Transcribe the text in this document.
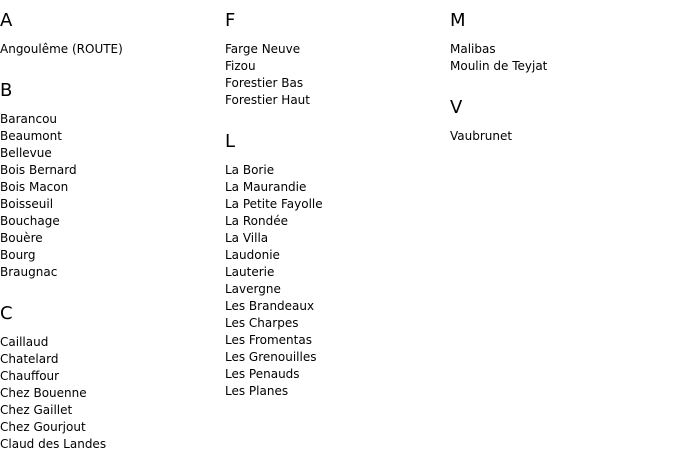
A
Angoulême (ROUTE)
B
Barancou
Beaumont
Bellevue
Bois Bernard
Bois Macon
Boisseuil
Bouchage
Bouère
Bourg
Braugnac
C
Caillaud
Chatelard
Chauffour
Chez Bouenne
Chez Gaillet
Chez Gourjout
Claud des Landes
F
Farge Neuve
Fizou
Forestier Bas
Forestier Haut
L
La Borie
La Maurandie
La Petite Fayolle
La Rondée
La Villa
Laudonie
Lauterie
Lavergne
Les Brandeaux
Les Charpes
Les Fromentas
Les Grenouilles
Les Penauds
Les Planes
M
Malibas
Moulin de Teyjat
V
Vaubrunet
